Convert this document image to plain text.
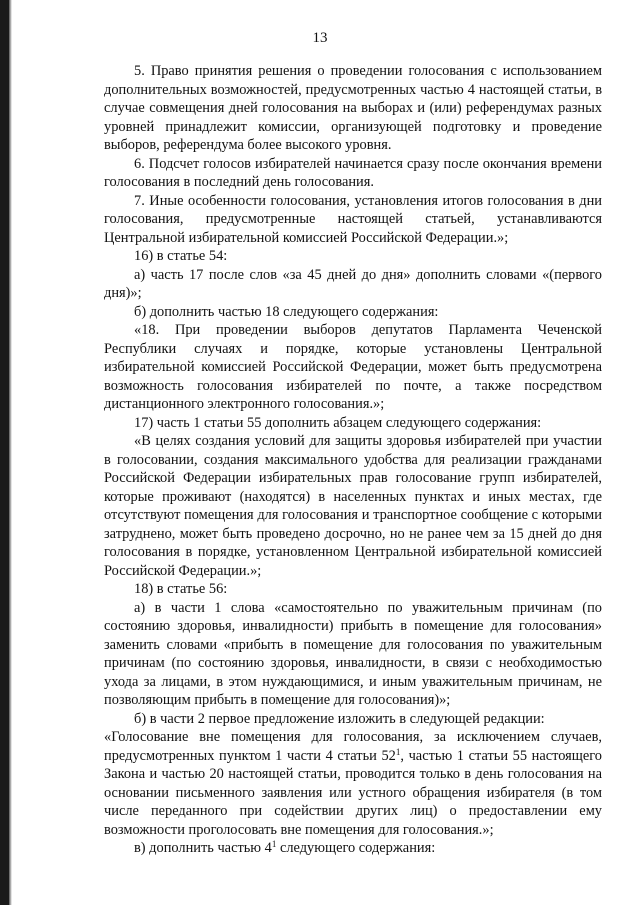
13

5. Право принятия решения о проведении голосования с использованием дополнительных возможностей, предусмотренных частью 4 настоящей статьи, в случае совмещения дней голосования на выборах и (или) референдумах разных уровней принадлежит комиссии, организующей подготовку и проведение выборов, референдума более высокого уровня.

6. Подсчет голосов избирателей начинается сразу после окончания времени голосования в последний день голосования.

7. Иные особенности голосования, установления итогов голосования в дни голосования, предусмотренные настоящей статьей, устанавливаются Центральной избирательной комиссией Российской Федерации.»;

16) в статье 54:

а) часть 17 после слов «за 45 дней до дня» дополнить словами «(первого дня)»;

б) дополнить частью 18 следующего содержания:

«18. При проведении выборов депутатов Парламента Чеченской Республики случаях и порядке, которые установлены Центральной избирательной комиссией Российской Федерации, может быть предусмотрена возможность голосования избирателей по почте, а также посредством дистанционного электронного голосования.»;

17) часть 1 статьи 55 дополнить абзацем следующего содержания:

«В целях создания условий для защиты здоровья избирателей при участии в голосовании, создания максимального удобства для реализации гражданами Российской Федерации избирательных прав голосование групп избирателей, которые проживают (находятся) в населенных пунктах и иных местах, где отсутствуют помещения для голосования и транспортное сообщение с которыми затруднено, может быть проведено досрочно, но не ранее чем за 15 дней до дня голосования в порядке, установленном Центральной избирательной комиссией Российской Федерации.»;

18) в статье 56:

а) в части 1 слова «самостоятельно по уважительным причинам (по состоянию здоровья, инвалидности) прибыть в помещение для голосования» заменить словами «прибыть в помещение для голосования по уважительным причинам (по состоянию здоровья, инвалидности, в связи с необходимостью ухода за лицами, в этом нуждающимися, и иным уважительным причинам, не позволяющим прибыть в помещение для голосования)»;

б) в части 2 первое предложение изложить в следующей редакции:

«Голосование вне помещения для голосования, за исключением случаев, предусмотренных пунктом 1 части 4 статьи $52^1$, частью 1 статьи 55 настоящего Закона и частью 20 настоящей статьи, проводится только в день голосования на основании письменного заявления или устного обращения избирателя (в том числе переданного при содействии других лиц) о предоставлении ему возможности проголосовать вне помещения для голосования.»;

в) дополнить частью $4^1$ следующего содержания:
